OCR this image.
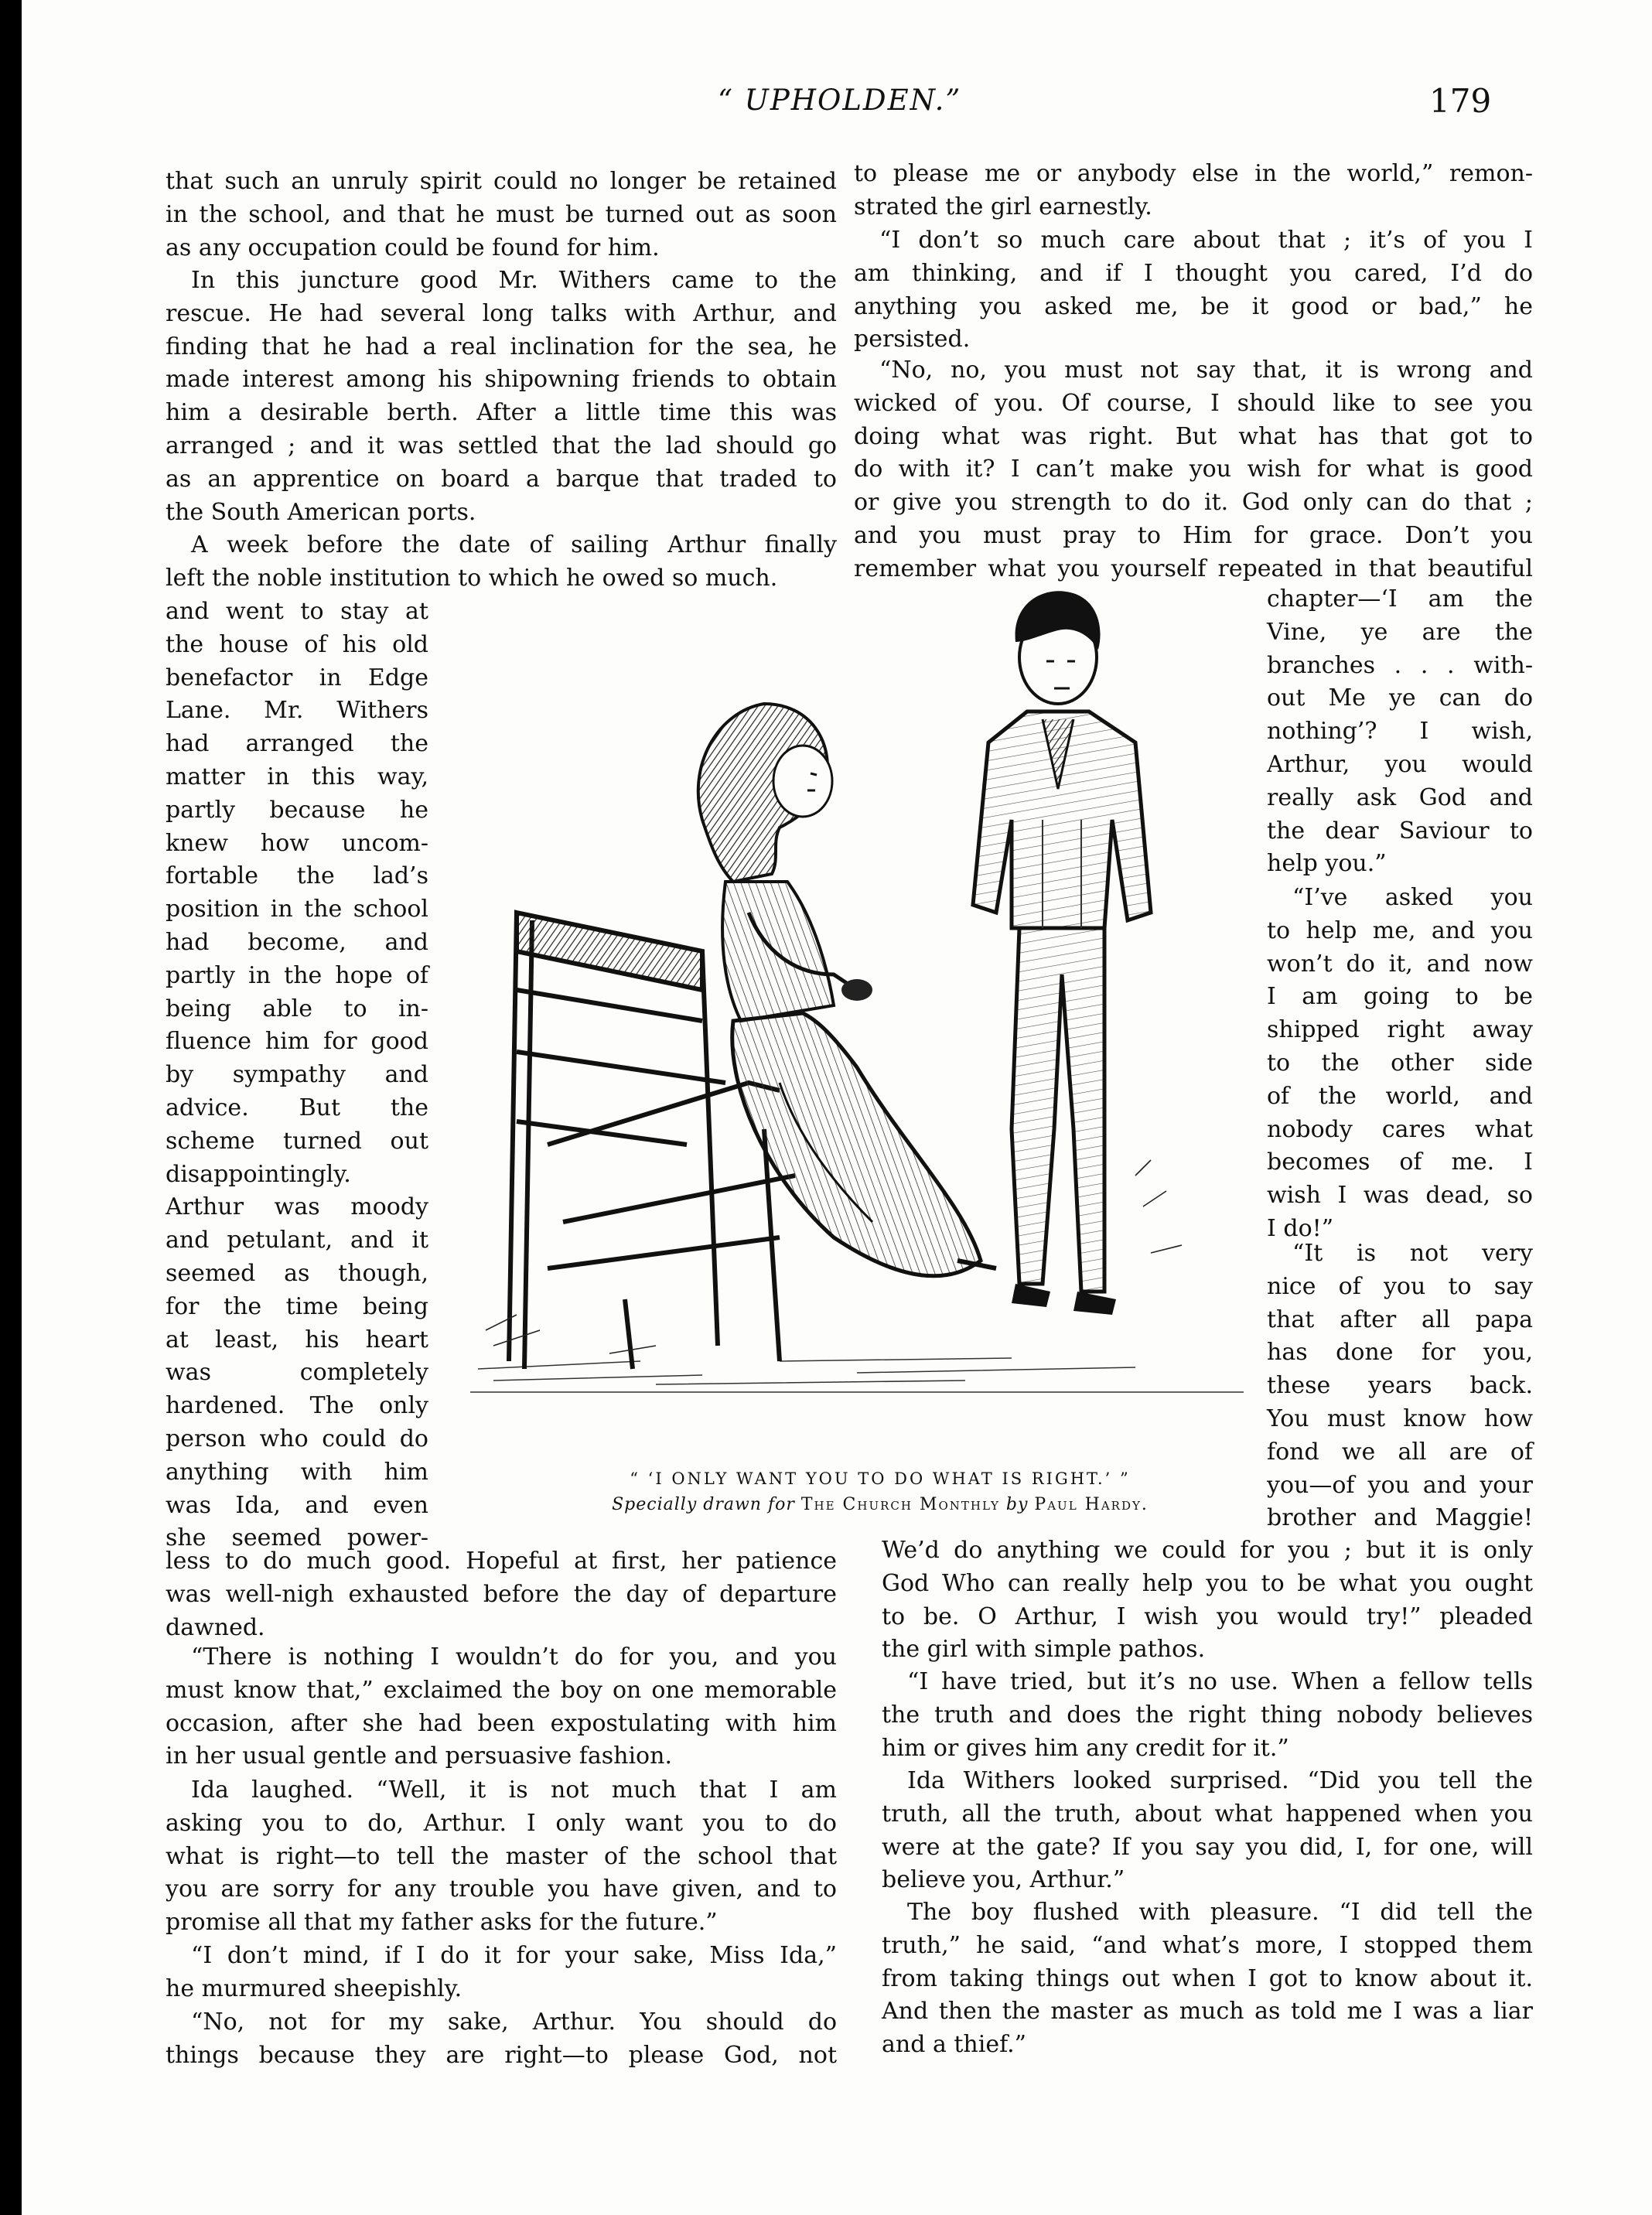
“ UPHOLDEN.”	179
that such an unruly spirit could no longer be retained
in the school, and that he must be turned out as soon
as any occupation could be found for him.
In this juncture good Mr. Withers came to the
rescue. He had several long talks with Arthur, and
finding that he had a real inclination for the sea, he
made interest among his shipowning friends to obtain
him a desirable berth. After a little time this was
arranged ; and it was settled that the lad should go
as an apprentice on board a barque that traded to
the South American ports.
A week before the date of sailing Arthur finally
left the noble institution to which he owed so much.
and went to stay at
the house of his old
benefactor in Edge
Lane. Mr. Withers
had arranged the
matter in this way,
partly because he
knew how uncom-
fortable the lad’s
position in the school
had become, and
partly in the hope of
being able to in-
fluence him for good
by sympathy and
advice. But the
scheme turned out
disappointingly.
Arthur was moody
and petulant, and it
seemed as though,
for the time being
at least, his heart
was completely
hardened. The only
person who could do
anything with him
was Ida, and even
she seemed power-
less to do much good. Hopeful at first, her patience
was well-nigh exhausted before the day of departure
dawned.
“There is nothing I wouldn’t do for you, and you
must know that,” exclaimed the boy on one memorable
occasion, after she had been expostulating with him
in her usual gentle and persuasive fashion.
Ida laughed. “Well, it is not much that I am
asking you to do, Arthur. I only want you to do
what is right—to tell the master of the school that
you are sorry for any trouble you have given, and to
promise all that my father asks for the future.”
“I don’t mind, if I do it for your sake, Miss Ida,”
he murmured sheepishly.
“No, not for my sake, Arthur. You should do
things because they are right—to please God, not
to please me or anybody else in the world,” remon-
strated the girl earnestly.
“I don’t so much care about that ; it’s of you I
am thinking, and if I thought you cared, I’d do
anything you asked me, be it good or bad,” he
persisted.
“No, no, you must not say that, it is wrong and
wicked of you. Of course, I should like to see you
doing what was right. But what has that got to
do with it? I can’t make you wish for what is good
or give you strength to do it. God only can do that ;
and you must pray to Him for grace. Don’t you
remember what you yourself repeated in that beautiful
chapter—‘I am the
Vine, ye are the
branches . . . with-
out Me ye can do
nothing’? I wish,
Arthur, you would
really ask God and
the dear Saviour to
help you.”
“I’ve asked you
to help me, and you
won’t do it, and now
I am going to be
shipped right away
to the other side
of the world, and
nobody cares what
becomes of me. I
wish I was dead, so
I do!”
“It is not very
nice of you to say
that after all papa
has done for you,
these years back.
You must know how
fond we all are of
you—of you and your
brother and Maggie!
We’d do anything we could for you ; but it is only
God Who can really help you to be what you ought
to be. O Arthur, I wish you would try!” pleaded
the girl with simple pathos.
“I have tried, but it’s no use. When a fellow tells
the truth and does the right thing nobody believes
him or gives him any credit for it.”
Ida Withers looked surprised. “Did you tell the
truth, all the truth, about what happened when you
were at the gate? If you say you did, I, for one, will
believe you, Arthur.”
The boy flushed with pleasure. “I did tell the
truth,” he said, “and what’s more, I stopped them
from taking things out when I got to know about it.
And then the master as much as told me I was a liar
and a thief.”
“ ‘I ONLY WANT YOU TO DO WHAT IS RIGHT.’ ”
Specially drawn for The Church Monthly by Paul Hardy.
